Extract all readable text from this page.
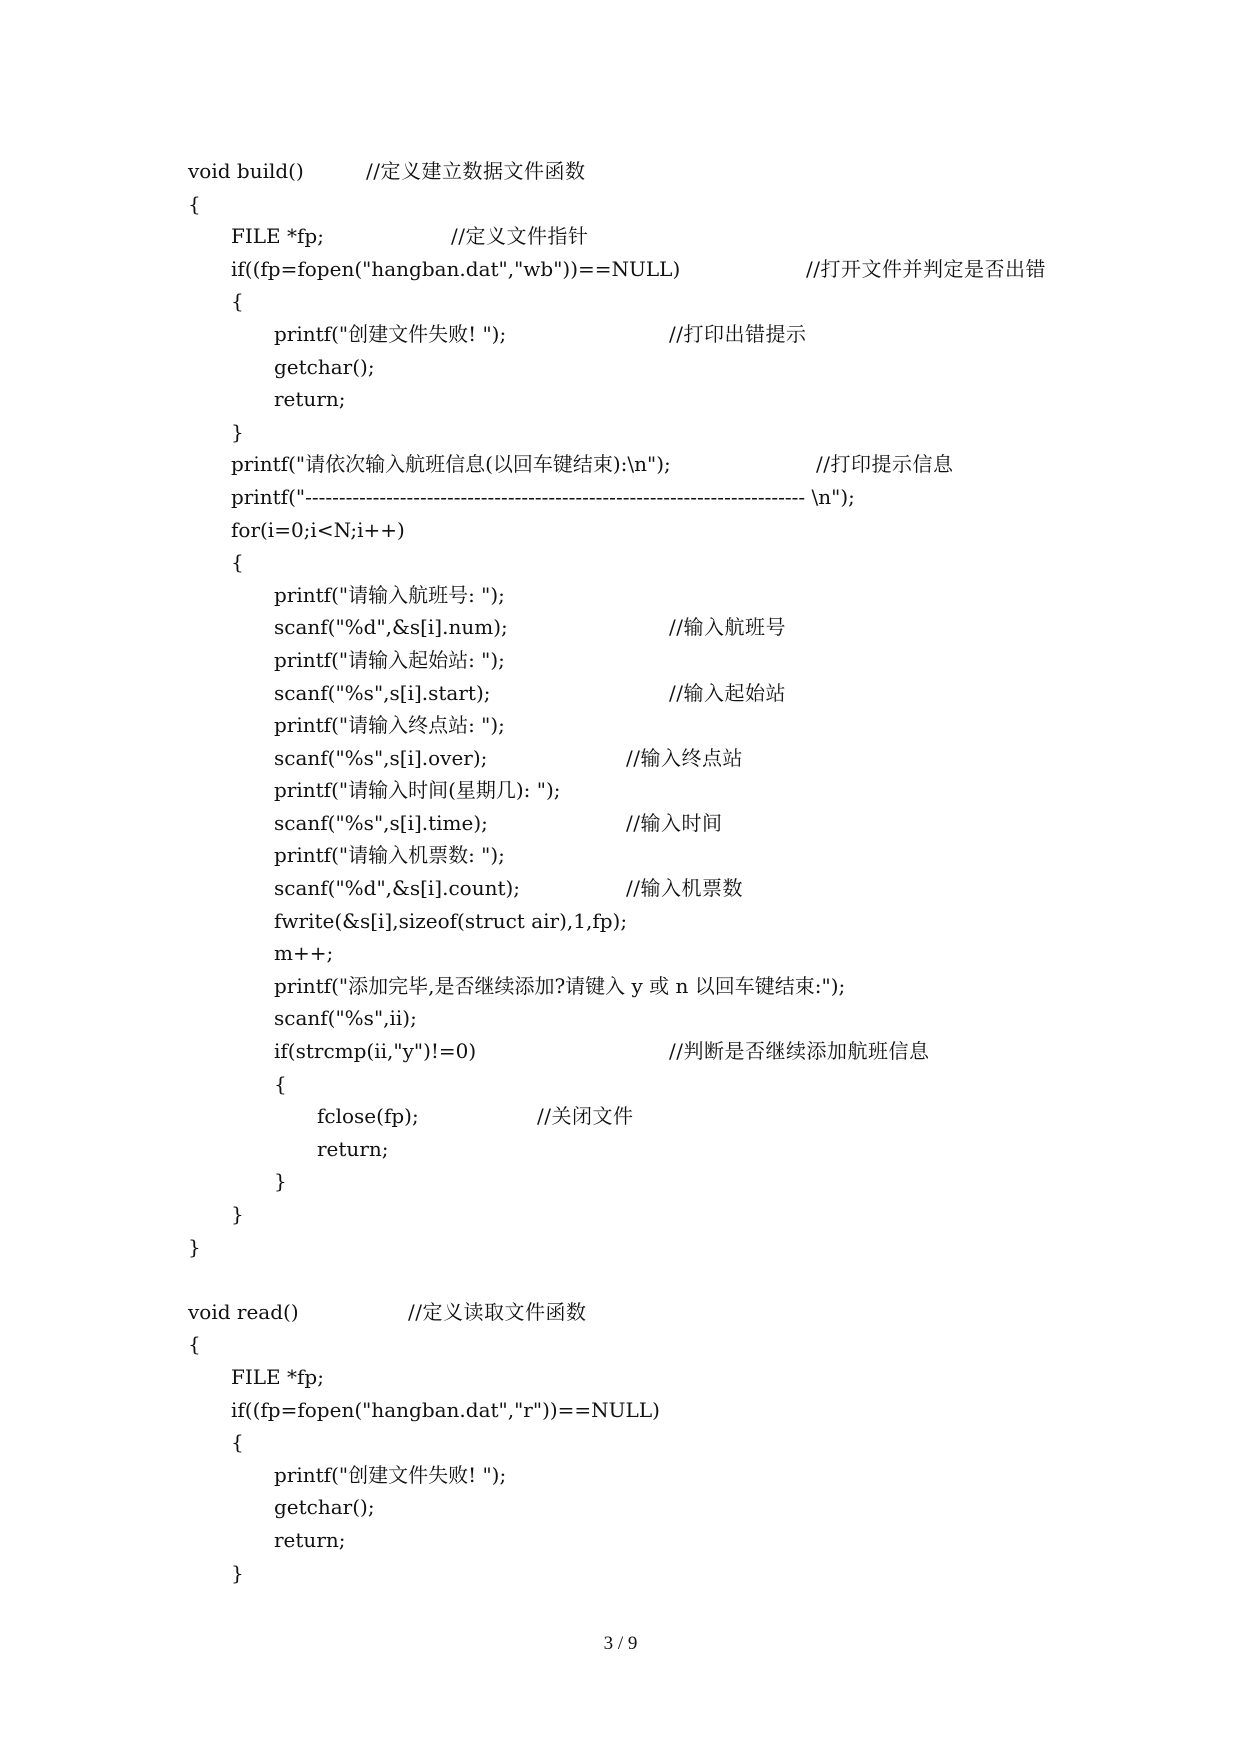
void build()	//定义建立数据文件函数
{
FILE *fp;	//定义文件指针
if((fp=fopen("hangban.dat","wb"))==NULL)	//打开文件并判定是否出错
{
printf("创建文件失败! ");	//打印出错提示
getchar();
return;
}
printf("请依次输入航班信息(以回车键结束):\n");	//打印提示信息
printf("-------------------------------------------------------------------------- \n");
for(i=0;i<N;i++)
{
printf("请输入航班号: ");
scanf("%d",&s[i].num);	//输入航班号
printf("请输入起始站: ");
scanf("%s",s[i].start);	//输入起始站
printf("请输入终点站: ");
scanf("%s",s[i].over);	//输入终点站
printf("请输入时间(星期几): ");
scanf("%s",s[i].time);	//输入时间
printf("请输入机票数: ");
scanf("%d",&s[i].count);	//输入机票数
fwrite(&s[i],sizeof(struct air),1,fp);
m++;
printf("添加完毕,是否继续添加?请键入 y 或 n 以回车键结束:");
scanf("%s",ii);
if(strcmp(ii,"y")!=0)	//判断是否继续添加航班信息
{
fclose(fp);	//关闭文件
return;
}
}
}
void read()	//定义读取文件函数
{
FILE *fp;
if((fp=fopen("hangban.dat","r"))==NULL)
{
printf("创建文件失败! ");
getchar();
return;
}
3 / 9
